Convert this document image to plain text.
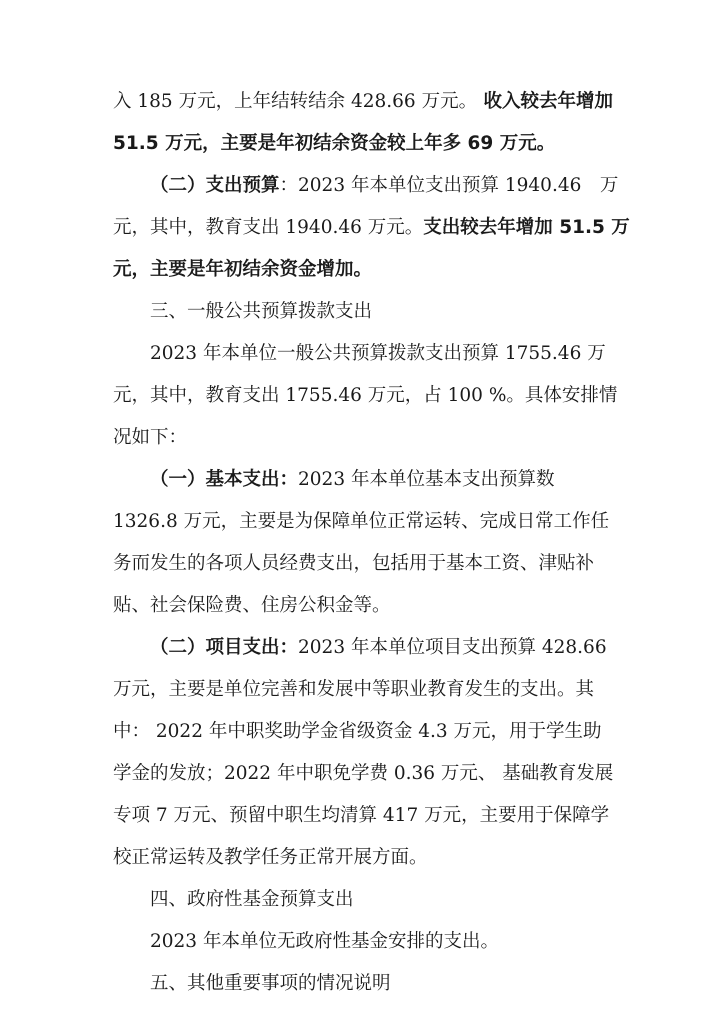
入 185 万元，上年结转结余 428.66 万元。 收入较去年增加
51.5 万元，主要是年初结余资金较上年多 69 万元。
（二）支出预算 ：2023 年本单位支出预算 1940.46　万
元，其中，教育支出 1940.46 万元。 支出较去年增加 51.5 万
元，主要是年初结余资金增加。
三、一般公共预算拨款支出
2023 年本单位一般公共预算拨款支出预算 1755.46 万
元，其中，教育支出 1755.46 万元，占 100 %。具体安排情
况如下：
（一）基本支出： 2023 年本单位基本支出预算数
1326.8 万元，主要是为保障单位正常运转、完成日常工作任
务而发生的各项人员经费支出，包括用于基本工资、津贴补
贴、社会保险费、住房公积金等。
（二）项目支出： 2023 年本单位项目支出预算 428.66
万元，主要是单位完善和发展中等职业教育发生的支出。其
中： 2022 年中职奖助学金省级资金 4.3 万元，用于学生助
学金的发放；2022 年中职免学费 0.36 万元、 基础教育发展
专项 7 万元、预留中职生均清算 417 万元，主要用于保障学
校正常运转及教学任务正常开展方面。
四、政府性基金预算支出
2023 年本单位无政府性基金安排的支出。
五、其他重要事项的情况说明
